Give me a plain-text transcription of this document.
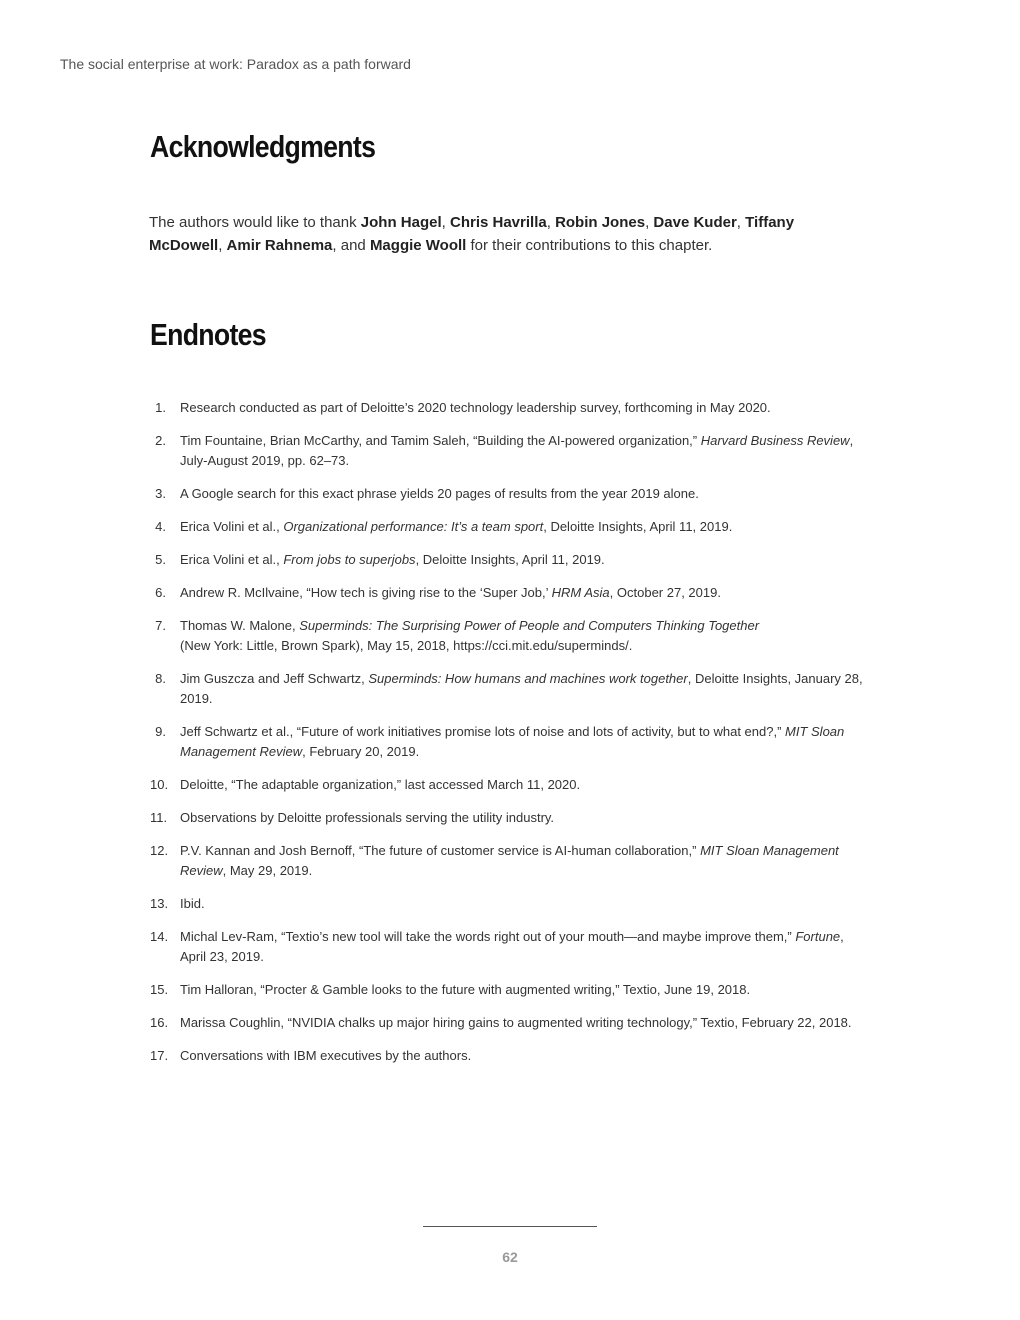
The social enterprise at work: Paradox as a path forward
Acknowledgments

The authors would like to thank John Hagel, Chris Havrilla, Robin Jones, Dave Kuder, Tiffany McDowell, Amir Rahnema, and Maggie Wooll for their contributions to this chapter.

Endnotes
1. Research conducted as part of Deloitte’s 2020 technology leadership survey, forthcoming in May 2020.
2. Tim Fountaine, Brian McCarthy, and Tamim Saleh, “Building the AI-powered organization,” Harvard Business Review, July-August 2019, pp. 62–73.
3. A Google search for this exact phrase yields 20 pages of results from the year 2019 alone.
4. Erica Volini et al., Organizational performance: It’s a team sport, Deloitte Insights, April 11, 2019.
5. Erica Volini et al., From jobs to superjobs, Deloitte Insights, April 11, 2019.
6. Andrew R. McIlvaine, “How tech is giving rise to the ‘Super Job,’ HRM Asia, October 27, 2019.
7. Thomas W. Malone, Superminds: The Surprising Power of People and Computers Thinking Together
(New York: Little, Brown Spark), May 15, 2018, https://cci.mit.edu/superminds/.
8. Jim Guszcza and Jeff Schwartz, Superminds: How humans and machines work together, Deloitte Insights, January 28, 2019.
9. Jeff Schwartz et al., “Future of work initiatives promise lots of noise and lots of activity, but to what end?,” MIT Sloan Management Review, February 20, 2019.
10. Deloitte, “The adaptable organization,” last accessed March 11, 2020.
11. Observations by Deloitte professionals serving the utility industry.
12. P.V. Kannan and Josh Bernoff, “The future of customer service is AI-human collaboration,” MIT Sloan Management Review, May 29, 2019.
13. Ibid.
14. Michal Lev-Ram, “Textio’s new tool will take the words right out of your mouth—and maybe improve them,” Fortune, April 23, 2019.
15. Tim Halloran, “Procter & Gamble looks to the future with augmented writing,” Textio, June 19, 2018.
16. Marissa Coughlin, “NVIDIA chalks up major hiring gains to augmented writing technology,” Textio, February 22, 2018.
17. Conversations with IBM executives by the authors.
62
